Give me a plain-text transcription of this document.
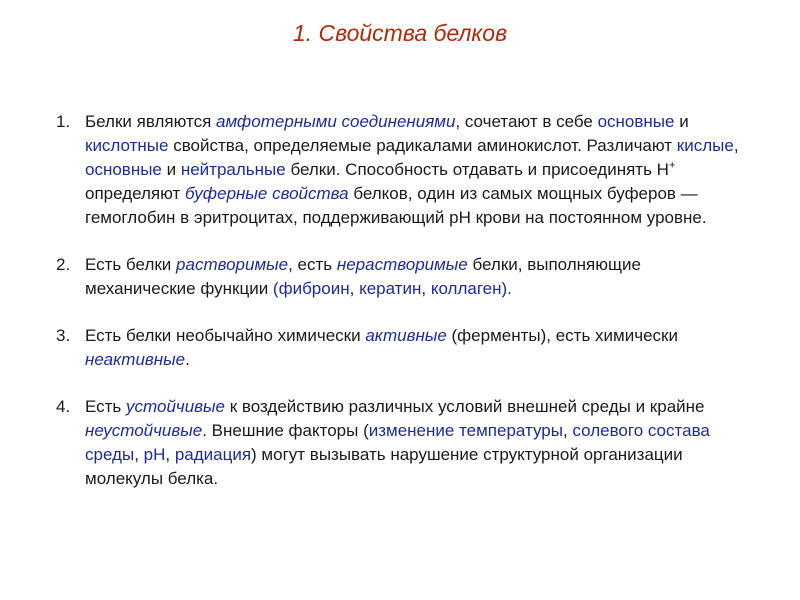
1. Свойства белков
1. Белки являются амфотерными соединениями, сочетают в себе основные и кислотные свойства, определяемые радикалами аминокислот. Различают кислые, основные и нейтральные белки. Способность отдавать и присоединять Н+ определяют буферные свойства белков, один из самых мощных буферов — гемоглобин в эритроцитах, поддерживающий рН крови на постоянном уровне.
2. Есть белки растворимые, есть нерастворимые белки, выполняющие механические функции (фиброин, кератин, коллаген).
3. Есть белки необычайно химически активные (ферменты), есть химически неактивные.
4. Есть устойчивые к воздействию различных условий внешней среды и крайне неустойчивые. Внешние факторы (изменение температуры, солевого состава среды, рН, радиация) могут вызывать нарушение структурной организации молекулы белка.
